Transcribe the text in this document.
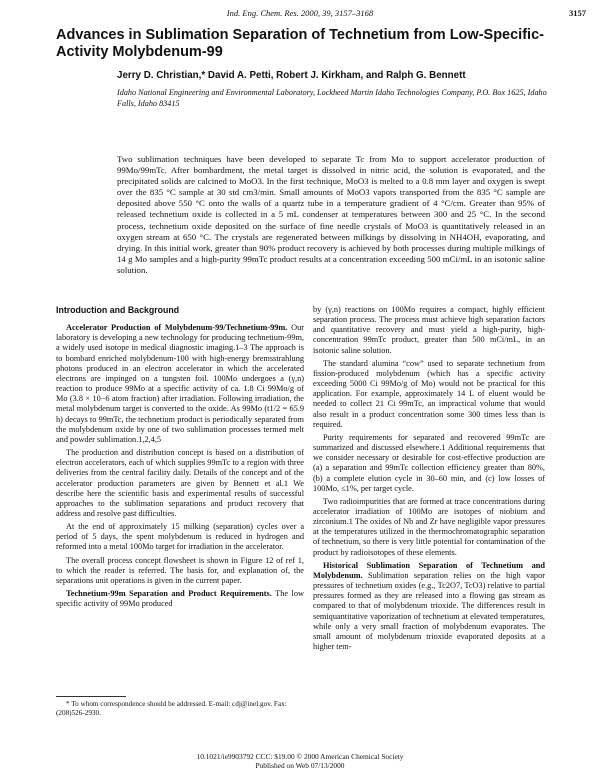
Ind. Eng. Chem. Res. 2000, 39, 3157–3168	3157
Advances in Sublimation Separation of Technetium from Low-Specific-Activity Molybdenum-99
Jerry D. Christian,* David A. Petti, Robert J. Kirkham, and Ralph G. Bennett
Idaho National Engineering and Environmental Laboratory, Lockheed Martin Idaho Technologies Company, P.O. Box 1625, Idaho Falls, Idaho 83415

Two sublimation techniques have been developed to separate Tc from Mo to support accelerator production of 99Mo/99mTc. After bombardment, the metal target is dissolved in nitric acid, the solution is evaporated, and the precipitated solids are calcined to MoO3. In the first technique, MoO3 is melted to a 0.8 mm layer and oxygen is swept over the 835 °C sample at 30 std cm3/min. Small amounts of MoO3 vapors transported from the 835 °C sample are deposited above 550 °C onto the walls of a quartz tube in a temperature gradient of 4 °C/cm. Greater than 95% of released technetium oxide is collected in a 5 mL condenser at temperatures between 300 and 25 °C. In the second process, technetium oxide deposited on the surface of fine needle crystals of MoO3 is quantitatively released in an oxygen stream at 650 °C. The crystals are regenerated between milkings by dissolving in NH4OH, evaporating, and drying. In this initial work, greater than 90% product recovery is achieved by both processes during multiple milkings of 14 g Mo samples and a high-purity 99mTc product results at a concentration exceeding 500 mCi/mL in an isotonic saline solution.

Introduction and Background

Accelerator Production of Molybdenum-99/Technetium-99m. Our laboratory is developing a new technology for producing technetium-99m, a widely used isotope in medical diagnostic imaging.1–3 The approach is to bombard enriched molybdenum-100 with high-energy bremsstrahlung photons produced in an electron accelerator in which the accelerated electrons are impinged on a tungsten foil. 100Mo undergoes a (γ,n) reaction to produce 99Mo at a specific activity of ca. 1.8 Ci 99Mo/g of Mo (3.8 × 10−6 atom fraction) after irradiation. Following irradiation, the metal molybdenum target is converted to the oxide. As 99Mo (t1/2 = 65.9 h) decays to 99mTc, the technetium product is periodically separated from the molybdenum oxide by one of two sublimation processes termed melt and powder sublimation.1,2,4,5

The production and distribution concept is based on a distribution of electron accelerators, each of which supplies 99mTc to a region with three deliveries from the central facility daily. Details of the concept and of the accelerator production parameters are given by Bennett et al.1 We describe here the scientific basis and experimental results of successful approaches to the sublimation separations and product recovery that address and resolve past difficulties.

At the end of approximately 15 milking (separation) cycles over a period of 5 days, the spent molybdenum is reduced in hydrogen and reformed into a metal 100Mo target for irradiation in the accelerator.

The overall process concept flowsheet is shown in Figure 12 of ref 1, to which the reader is referred. The basis for, and explanation of, the separations unit operations is given in the current paper.

Technetium-99m Separation and Product Requirements. The low specific activity of 99Mo produced

by (γ,n) reactions on 100Mo requires a compact, highly efficient separation process. The process must achieve high separation factors and quantitative recovery and must yield a high-purity, high-concentration 99mTc product, greater than 500 mCi/mL, in an isotonic saline solution.

The standard alumina “cow” used to separate technetium from fission-produced molybdenum (which has a specific activity exceeding 5000 Ci 99Mo/g of Mo) would not be practical for this application. For example, approximately 14 L of eluent would be needed to collect 21 Ci 99mTc, an impractical volume that would also result in a product concentration some 300 times less than is required.

Purity requirements for separated and recovered 99mTc are summarized and discussed elsewhere.1 Additional requirements that we consider necessary or desirable for cost-effective production are (a) a separation and 99mTc collection efficiency greater than 80%, (b) a complete elution cycle in 30–60 min, and (c) low losses of 100Mo, ≤1%, per target cycle.

Two radioimpurities that are formed at trace concentrations during accelerator irradiation of 100Mo are isotopes of niobium and zirconium.1 The oxides of Nb and Zr have negligible vapor pressures at the temperatures utilized in the thermochromatographic separation of technetium, so there is very little potential for contamination of the product by radioisotopes of these elements.

Historical Sublimation Separation of Technetium and Molybdenum. Sublimation separation relies on the high vapor pressures of technetium oxides (e.g., Tc2O7, TcO3) relative to partial pressures formed as they are released into a flowing gas stream as compared to that of molybdenum trioxide. The differences result in semiquantitative vaporization of technetium at elevated temperatures, while only a very small fraction of molybdenum evaporates. The small amount of molybdenum trioxide evaporated deposits at a higher tem-

* To whom correspondence should be addressed. E-mail: cdj@inel.gov. Fax: (208)526-2930.

10.1021/ie9903792 CCC: $19.00 © 2000 American Chemical Society
Published on Web 07/13/2000
